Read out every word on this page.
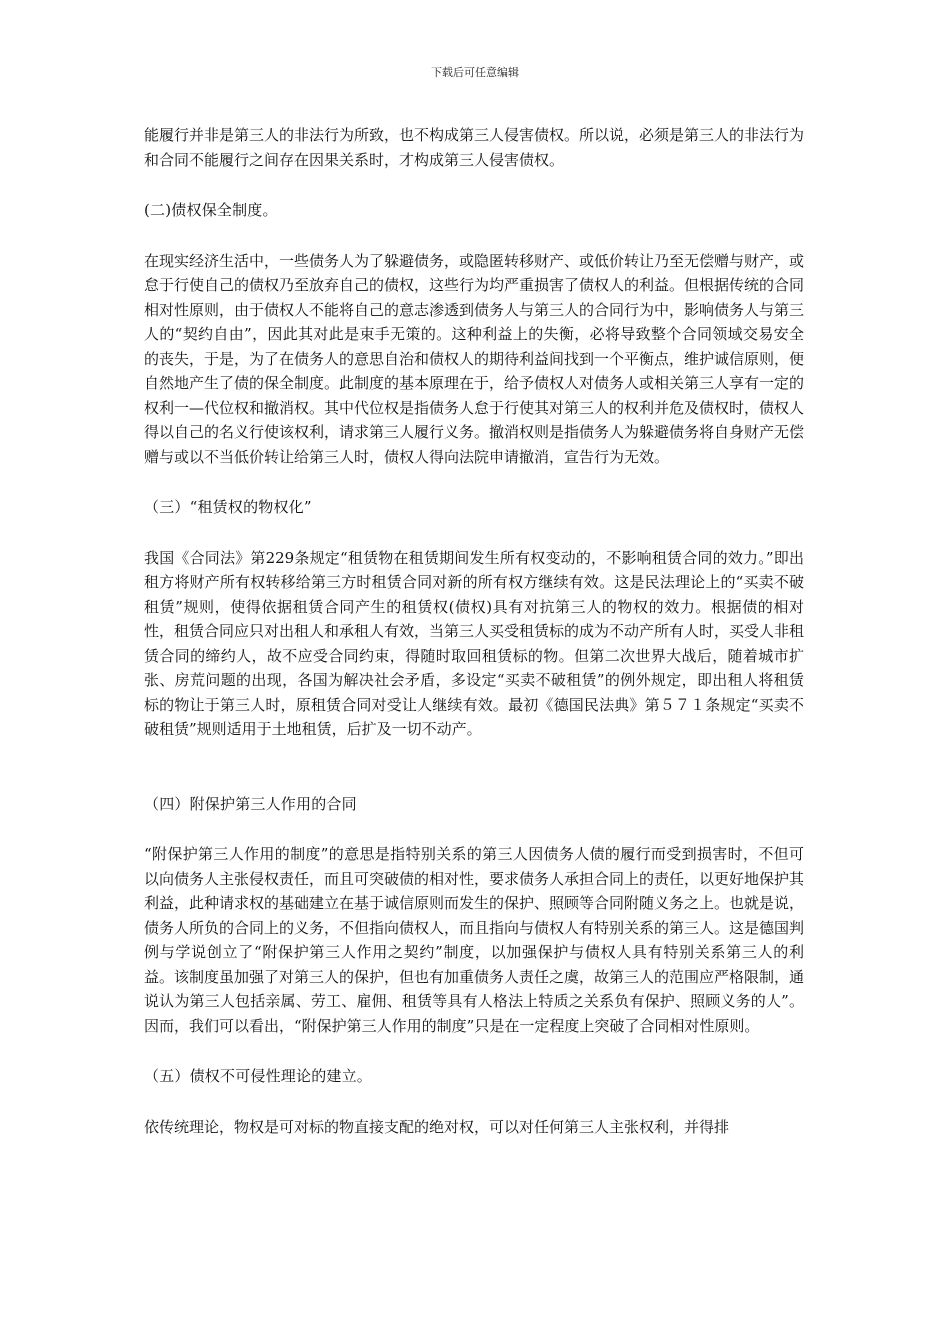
下载后可任意编辑

能履行并非是第三人的非法行为所致，也不构成第三人侵害债权。所以说，必须是第三人的非法行为和合同不能履行之间存在因果关系时，才构成第三人侵害债权。

(二)债权保全制度。

在现实经济生活中，一些债务人为了躲避债务，或隐匿转移财产、或低价转让乃至无偿赠与财产，或怠于行使自己的债权乃至放弃自己的债权，这些行为均严重损害了债权人的利益。但根据传统的合同相对性原则，由于债权人不能将自己的意志渗透到债务人与第三人的合同行为中，影响债务人与第三人的“契约自由”，因此其对此是束手无策的。这种利益上的失衡，必将导致整个合同领域交易安全的丧失，于是，为了在债务人的意思自治和债权人的期待利益间找到一个平衡点，维护诚信原则，便自然地产生了债的保全制度。此制度的基本原理在于，给予债权人对债务人或相关第三人享有一定的权利一—代位权和撤消权。其中代位权是指债务人怠于行使其对第三人的权利并危及债权时，债权人得以自己的名义行使该权利，请求第三人履行义务。撤消权则是指债务人为躲避债务将自身财产无偿赠与或以不当低价转让给第三人时，债权人得向法院申请撤消，宣告行为无效。

（三）“租赁权的物权化”

我国《合同法》第229条规定“租赁物在租赁期间发生所有权变动的，不影响租赁合同的效力。”即出租方将财产所有权转移给第三方时租赁合同对新的所有权方继续有效。这是民法理论上的“买卖不破租赁”规则，使得依据租赁合同产生的租赁权(债权)具有对抗第三人的物权的效力。根据债的相对性，租赁合同应只对出租人和承租人有效，当第三人买受租赁标的成为不动产所有人时，买受人非租赁合同的缔约人，故不应受合同约束，得随时取回租赁标的物。但第二次世界大战后，随着城市扩张、房荒问题的出现，各国为解决社会矛盾，多设定“买卖不破租赁”的例外规定，即出租人将租赁标的物让于第三人时，原租赁合同对受让人继续有效。最初《德国民法典》第５７１条规定“买卖不破租赁”规则适用于土地租赁，后扩及一切不动产。

（四）附保护第三人作用的合同

“附保护第三人作用的制度”的意思是指特别关系的第三人因债务人债的履行而受到损害时，不但可以向债务人主张侵权责任，而且可突破债的相对性，要求债务人承担合同上的责任，以更好地保护其利益，此种请求权的基础建立在基于诚信原则而发生的保护、照顾等合同附随义务之上。也就是说，债务人所负的合同上的义务，不但指向债权人，而且指向与债权人有特别关系的第三人。这是德国判例与学说创立了“附保护第三人作用之契约”制度，以加强保护与债权人具有特别关系第三人的利益。该制度虽加强了对第三人的保护，但也有加重债务人责任之虞，故第三人的范围应严格限制，通说认为第三人包括亲属、劳工、雇佣、租赁等具有人格法上特质之关系负有保护、照顾义务的人”。因而，我们可以看出，“附保护第三人作用的制度”只是在一定程度上突破了合同相对性原则。

（五）债权不可侵性理论的建立。

依传统理论，物权是可对标的物直接支配的绝对权，可以对任何第三人主张权利，并得排
